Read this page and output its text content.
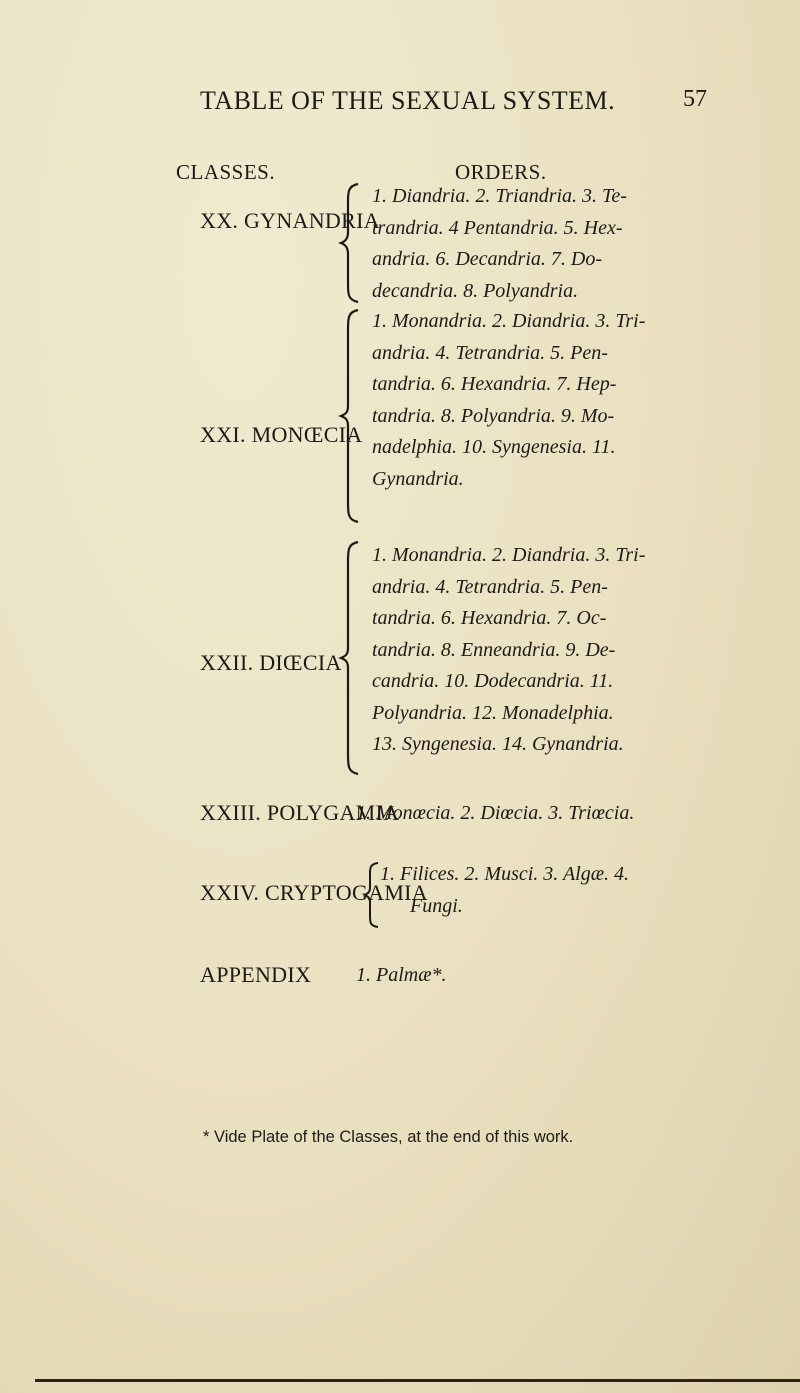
TABLE OF THE SEXUAL SYSTEM.	57
CLASSES.	ORDERS.
XX. GYNANDRIA
1. Diandria. 2. Triandria. 3. Te-
trandria. 4 Pentandria. 5. Hex-
andria. 6. Decandria. 7. Do-
decandria. 8. Polyandria.
XXI. MONŒCIA
1. Monandria. 2. Diandria. 3. Tri-
andria. 4. Tetrandria. 5. Pen-
tandria. 6. Hexandria. 7. Hep-
tandria. 8. Polyandria. 9. Mo-
nadelphia. 10. Syngenesia. 11.
Gynandria.
XXII. DIŒCIA
1. Monandria. 2. Diandria. 3. Tri-
andria. 4. Tetrandria. 5. Pen-
tandria. 6. Hexandria. 7. Oc-
tandria. 8. Enneandria. 9. De-
candria. 10. Dodecandria. 11.
Polyandria. 12. Monadelphia.
13. Syngenesia. 14. Gynandria.
XXIII. POLYGAMIA
1. Monœcia. 2. Diœcia. 3. Triœcia.
XXIV. CRYPTOGAMIA
1. Filices. 2. Musci. 3. Algæ. 4.
Fungi.
APPENDIX 1. Palmæ*.
* Vide Plate of the Classes, at the end of this work.
